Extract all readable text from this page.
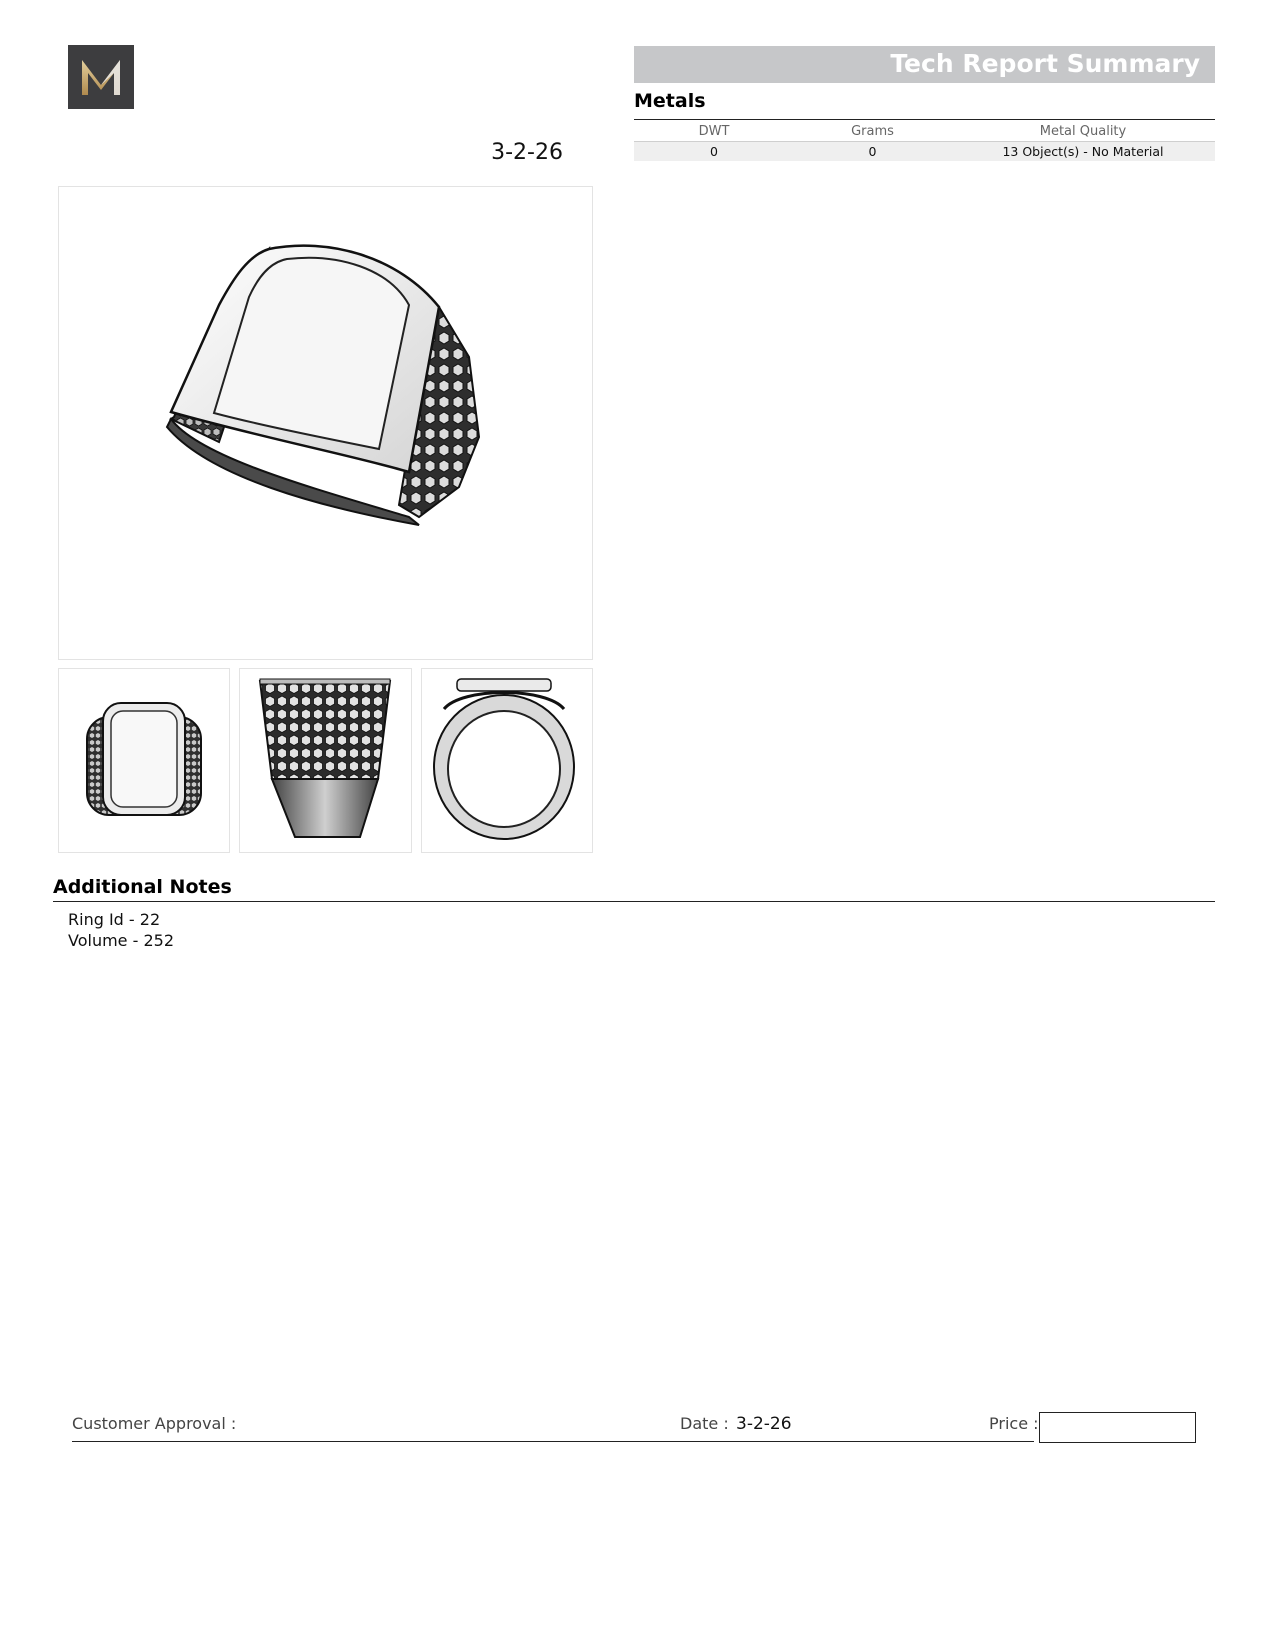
3-2-26
Tech Report Summary
Metals
DWT	Grams	Metal Quality
0	0	13 Object(s) - No Material
Additional Notes
Ring Id - 22
Volume - 252
Customer Approval :	Date : 3-2-26	Price :
